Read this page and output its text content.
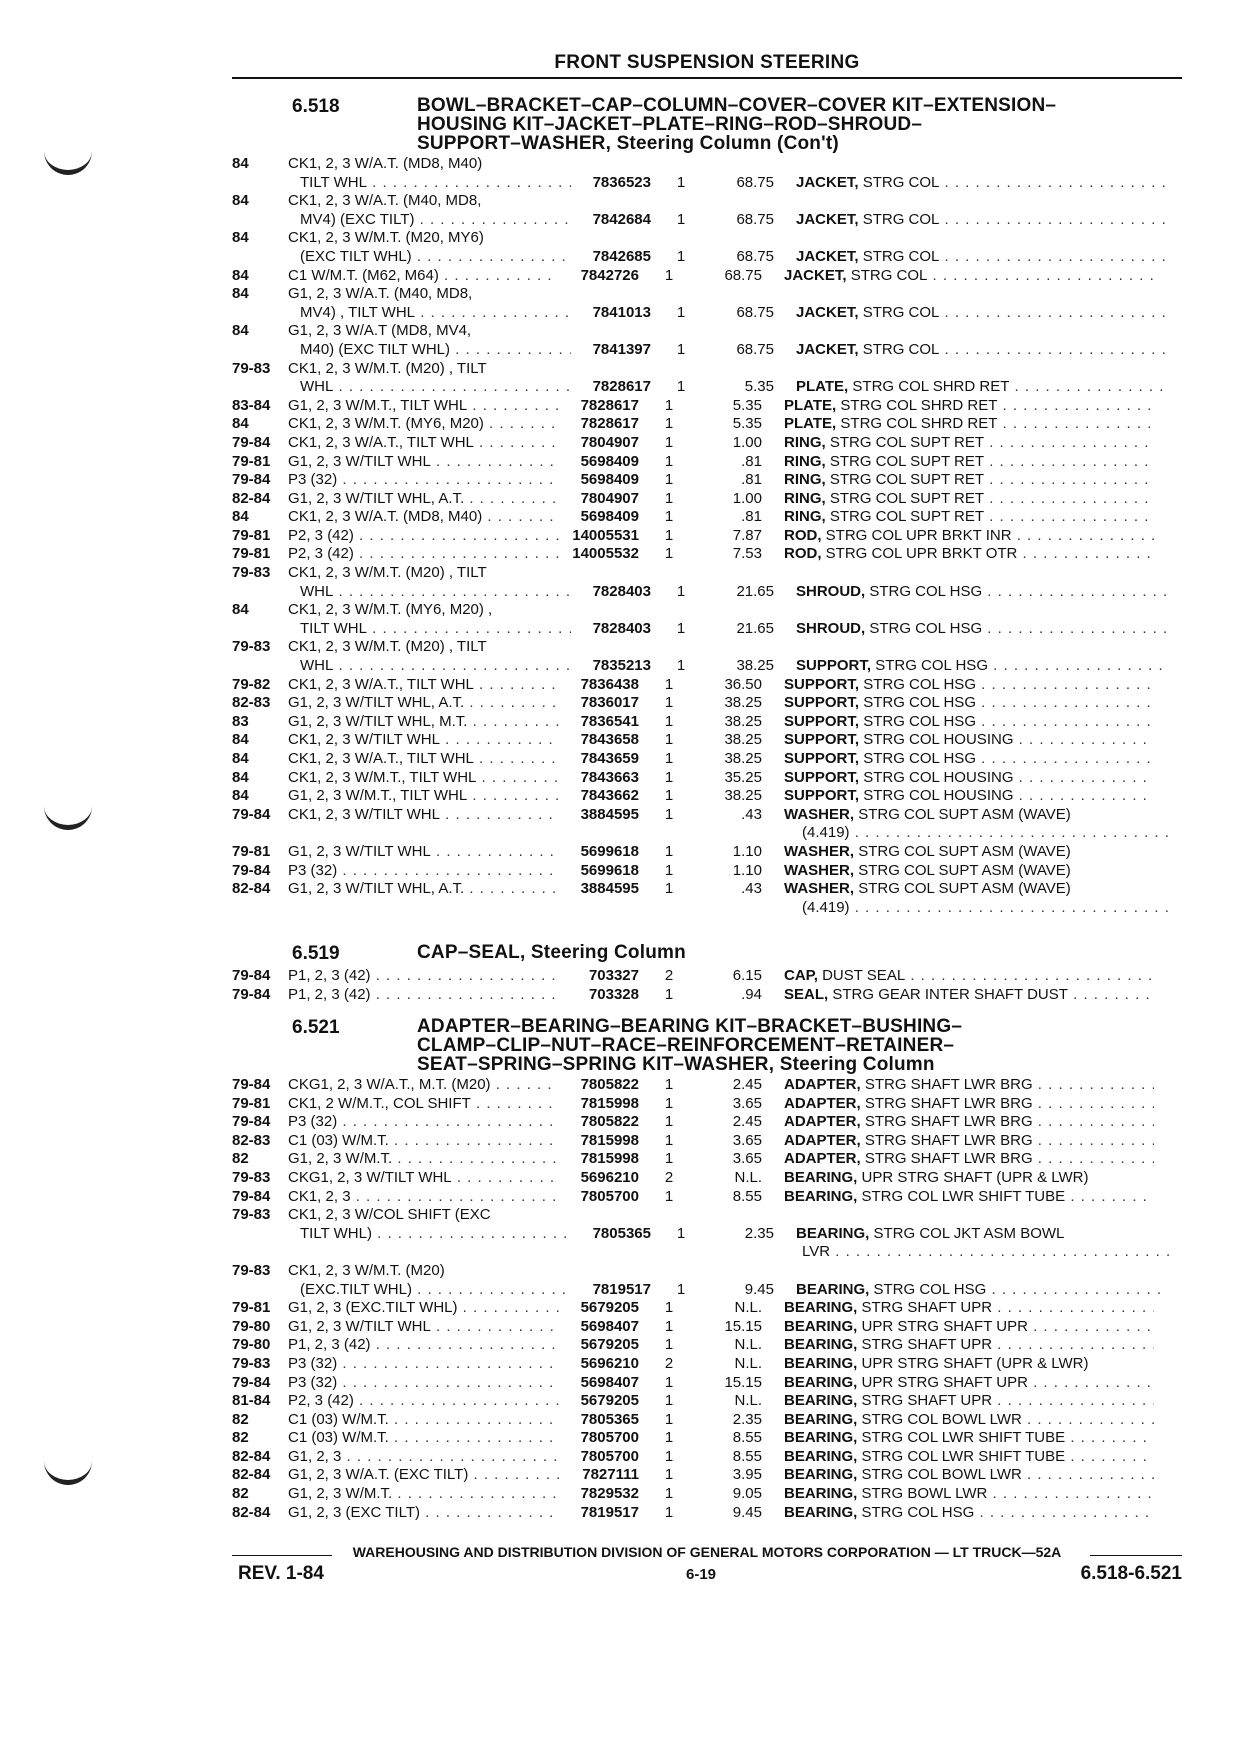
FRONT SUSPENSION STEERING
6.518	BOWL–BRACKET–CAP–COLUMN–COVER–COVER KIT–EXTENSION–
HOUSING KIT–JACKET–PLATE–RING–ROD–SHROUD–
SUPPORT–WASHER, Steering Column (Con't)
84	CK1, 2, 3 W/A.T. (MD8, M40)
TILT WHL . . .	7836523	1	68.75	JACKET, STRG COL . . .
84	CK1, 2, 3 W/A.T. (M40, MD8,
MV4) (EXC TILT) . . .	7842684	1	68.75	JACKET, STRG COL . . .
84	CK1, 2, 3 W/M.T. (M20, MY6)
(EXC TILT WHL) . . .	7842685	1	68.75	JACKET, STRG COL . . .
84	C1 W/M.T. (M62, M64) . . .	7842726	1	68.75	JACKET, STRG COL . . .
84	G1, 2, 3 W/A.T. (M40, MD8,
MV4) , TILT WHL . . .	7841013	1	68.75	JACKET, STRG COL . . .
84	G1, 2, 3 W/A.T (MD8, MV4,
M40) (EXC TILT WHL) . . .	7841397	1	68.75	JACKET, STRG COL . . .
79-83	CK1, 2, 3 W/M.T. (M20) , TILT
WHL . . .	7828617	1	5.35	PLATE, STRG COL SHRD RET . . .
83-84	G1, 2, 3 W/M.T., TILT WHL . . .	7828617	1	5.35	PLATE, STRG COL SHRD RET . . .
84	CK1, 2, 3 W/M.T. (MY6, M20) . . .	7828617	1	5.35	PLATE, STRG COL SHRD RET . . .
79-84	CK1, 2, 3 W/A.T., TILT WHL . . .	7804907	1	1.00	RING, STRG COL SUPT RET . . .
79-81	G1, 2, 3 W/TILT WHL . . .	5698409	1	.81	RING, STRG COL SUPT RET . . .
79-84	P3 (32) . . .	5698409	1	.81	RING, STRG COL SUPT RET . . .
82-84	G1, 2, 3 W/TILT WHL, A.T. . . .	7804907	1	1.00	RING, STRG COL SUPT RET . . .
84	CK1, 2, 3 W/A.T. (MD8, M40) . . .	5698409	1	.81	RING, STRG COL SUPT RET . . .
79-81	P2, 3 (42) . . .	14005531	1	7.87	ROD, STRG COL UPR BRKT INR . . .
79-81	P2, 3 (42) . . .	14005532	1	7.53	ROD, STRG COL UPR BRKT OTR . . .
79-83	CK1, 2, 3 W/M.T. (M20) , TILT
WHL . . .	7828403	1	21.65	SHROUD, STRG COL HSG . . .
84	CK1, 2, 3 W/M.T. (MY6, M20) ,
TILT WHL . . .	7828403	1	21.65	SHROUD, STRG COL HSG . . .
79-83	CK1, 2, 3 W/M.T. (M20) , TILT
WHL . . .	7835213	1	38.25	SUPPORT, STRG COL HSG . . .
79-82	CK1, 2, 3 W/A.T., TILT WHL . . .	7836438	1	36.50	SUPPORT, STRG COL HSG . . .
82-83	G1, 2, 3 W/TILT WHL, A.T. . . .	7836017	1	38.25	SUPPORT, STRG COL HSG . . .
83	G1, 2, 3 W/TILT WHL, M.T. . . .	7836541	1	38.25	SUPPORT, STRG COL HSG . . .
84	CK1, 2, 3 W/TILT WHL . . .	7843658	1	38.25	SUPPORT, STRG COL HOUSING . . .
84	CK1, 2, 3 W/A.T., TILT WHL . . .	7843659	1	38.25	SUPPORT, STRG COL HSG . . .
84	CK1, 2, 3 W/M.T., TILT WHL . . .	7843663	1	35.25	SUPPORT, STRG COL HOUSING . . .
84	G1, 2, 3 W/M.T., TILT WHL . . .	7843662	1	38.25	SUPPORT, STRG COL HOUSING . . .
79-84	CK1, 2, 3 W/TILT WHL . . .	3884595	1	.43	WASHER, STRG COL SUPT ASM (WAVE)
(4.419) . . .
79-81	G1, 2, 3 W/TILT WHL . . .	5699618	1	1.10	WASHER, STRG COL SUPT ASM (WAVE)
79-84	P3 (32) . . .	5699618	1	1.10	WASHER, STRG COL SUPT ASM (WAVE)
82-84	G1, 2, 3 W/TILT WHL, A.T. . . .	3884595	1	.43	WASHER, STRG COL SUPT ASM (WAVE)
(4.419) . . .
6.519	CAP–SEAL, Steering Column
79-84	P1, 2, 3 (42) . . .	703327	2	6.15	CAP, DUST SEAL . . .
79-84	P1, 2, 3 (42) . . .	703328	1	.94	SEAL, STRG GEAR INTER SHAFT DUST . . .
6.521	ADAPTER–BEARING–BEARING KIT–BRACKET–BUSHING–
CLAMP–CLIP–NUT–RACE–REINFORCEMENT–RETAINER–
SEAT–SPRING–SPRING KIT–WASHER, Steering Column
79-84	CKG1, 2, 3 W/A.T., M.T. (M20) . . .	7805822	1	2.45	ADAPTER, STRG SHAFT LWR BRG . . .
79-81	CK1, 2 W/M.T., COL SHIFT . . .	7815998	1	3.65	ADAPTER, STRG SHAFT LWR BRG . . .
79-84	P3 (32) . . .	7805822	1	2.45	ADAPTER, STRG SHAFT LWR BRG . . .
82-83	C1 (03) W/M.T. . . .	7815998	1	3.65	ADAPTER, STRG SHAFT LWR BRG . . .
82	G1, 2, 3 W/M.T. . . .	7815998	1	3.65	ADAPTER, STRG SHAFT LWR BRG . . .
79-83	CKG1, 2, 3 W/TILT WHL . . .	5696210	2	N.L.	BEARING, UPR STRG SHAFT (UPR & LWR)
79-84	CK1, 2, 3 . . .	7805700	1	8.55	BEARING, STRG COL LWR SHIFT TUBE . . .
79-83	CK1, 2, 3 W/COL SHIFT (EXC
TILT WHL) . . .	7805365	1	2.35	BEARING, STRG COL JKT ASM BOWL
LVR . . .
79-83	CK1, 2, 3 W/M.T. (M20)
(EXC.TILT WHL) . . .	7819517	1	9.45	BEARING, STRG COL HSG . . .
79-81	G1, 2, 3 (EXC.TILT WHL) . . .	5679205	1	N.L.	BEARING, STRG SHAFT UPR . . .
79-80	G1, 2, 3 W/TILT WHL . . .	5698407	1	15.15	BEARING, UPR STRG SHAFT UPR . . .
79-80	P1, 2, 3 (42) . . .	5679205	1	N.L.	BEARING, STRG SHAFT UPR . . .
79-83	P3 (32) . . .	5696210	2	N.L.	BEARING, UPR STRG SHAFT (UPR & LWR)
79-84	P3 (32) . . .	5698407	1	15.15	BEARING, UPR STRG SHAFT UPR . . .
81-84	P2, 3 (42) . . .	5679205	1	N.L.	BEARING, STRG SHAFT UPR . . .
82	C1 (03) W/M.T. . . .	7805365	1	2.35	BEARING, STRG COL BOWL LWR . . .
82	C1 (03) W/M.T. . . .	7805700	1	8.55	BEARING, STRG COL LWR SHIFT TUBE . . .
82-84	G1, 2, 3 . . .	7805700	1	8.55	BEARING, STRG COL LWR SHIFT TUBE . . .
82-84	G1, 2, 3 W/A.T. (EXC TILT) . . .	7827111	1	3.95	BEARING, STRG COL BOWL LWR . . .
82	G1, 2, 3 W/M.T. . . .	7829532	1	9.05	BEARING, STRG BOWL LWR . . .
82-84	G1, 2, 3 (EXC TILT) . . .	7819517	1	9.45	BEARING, STRG COL HSG . . .
WAREHOUSING AND DISTRIBUTION DIVISION OF GENERAL MOTORS CORPORATION — LT TRUCK—52A
REV. 1-84	6-19	6.518-6.521
